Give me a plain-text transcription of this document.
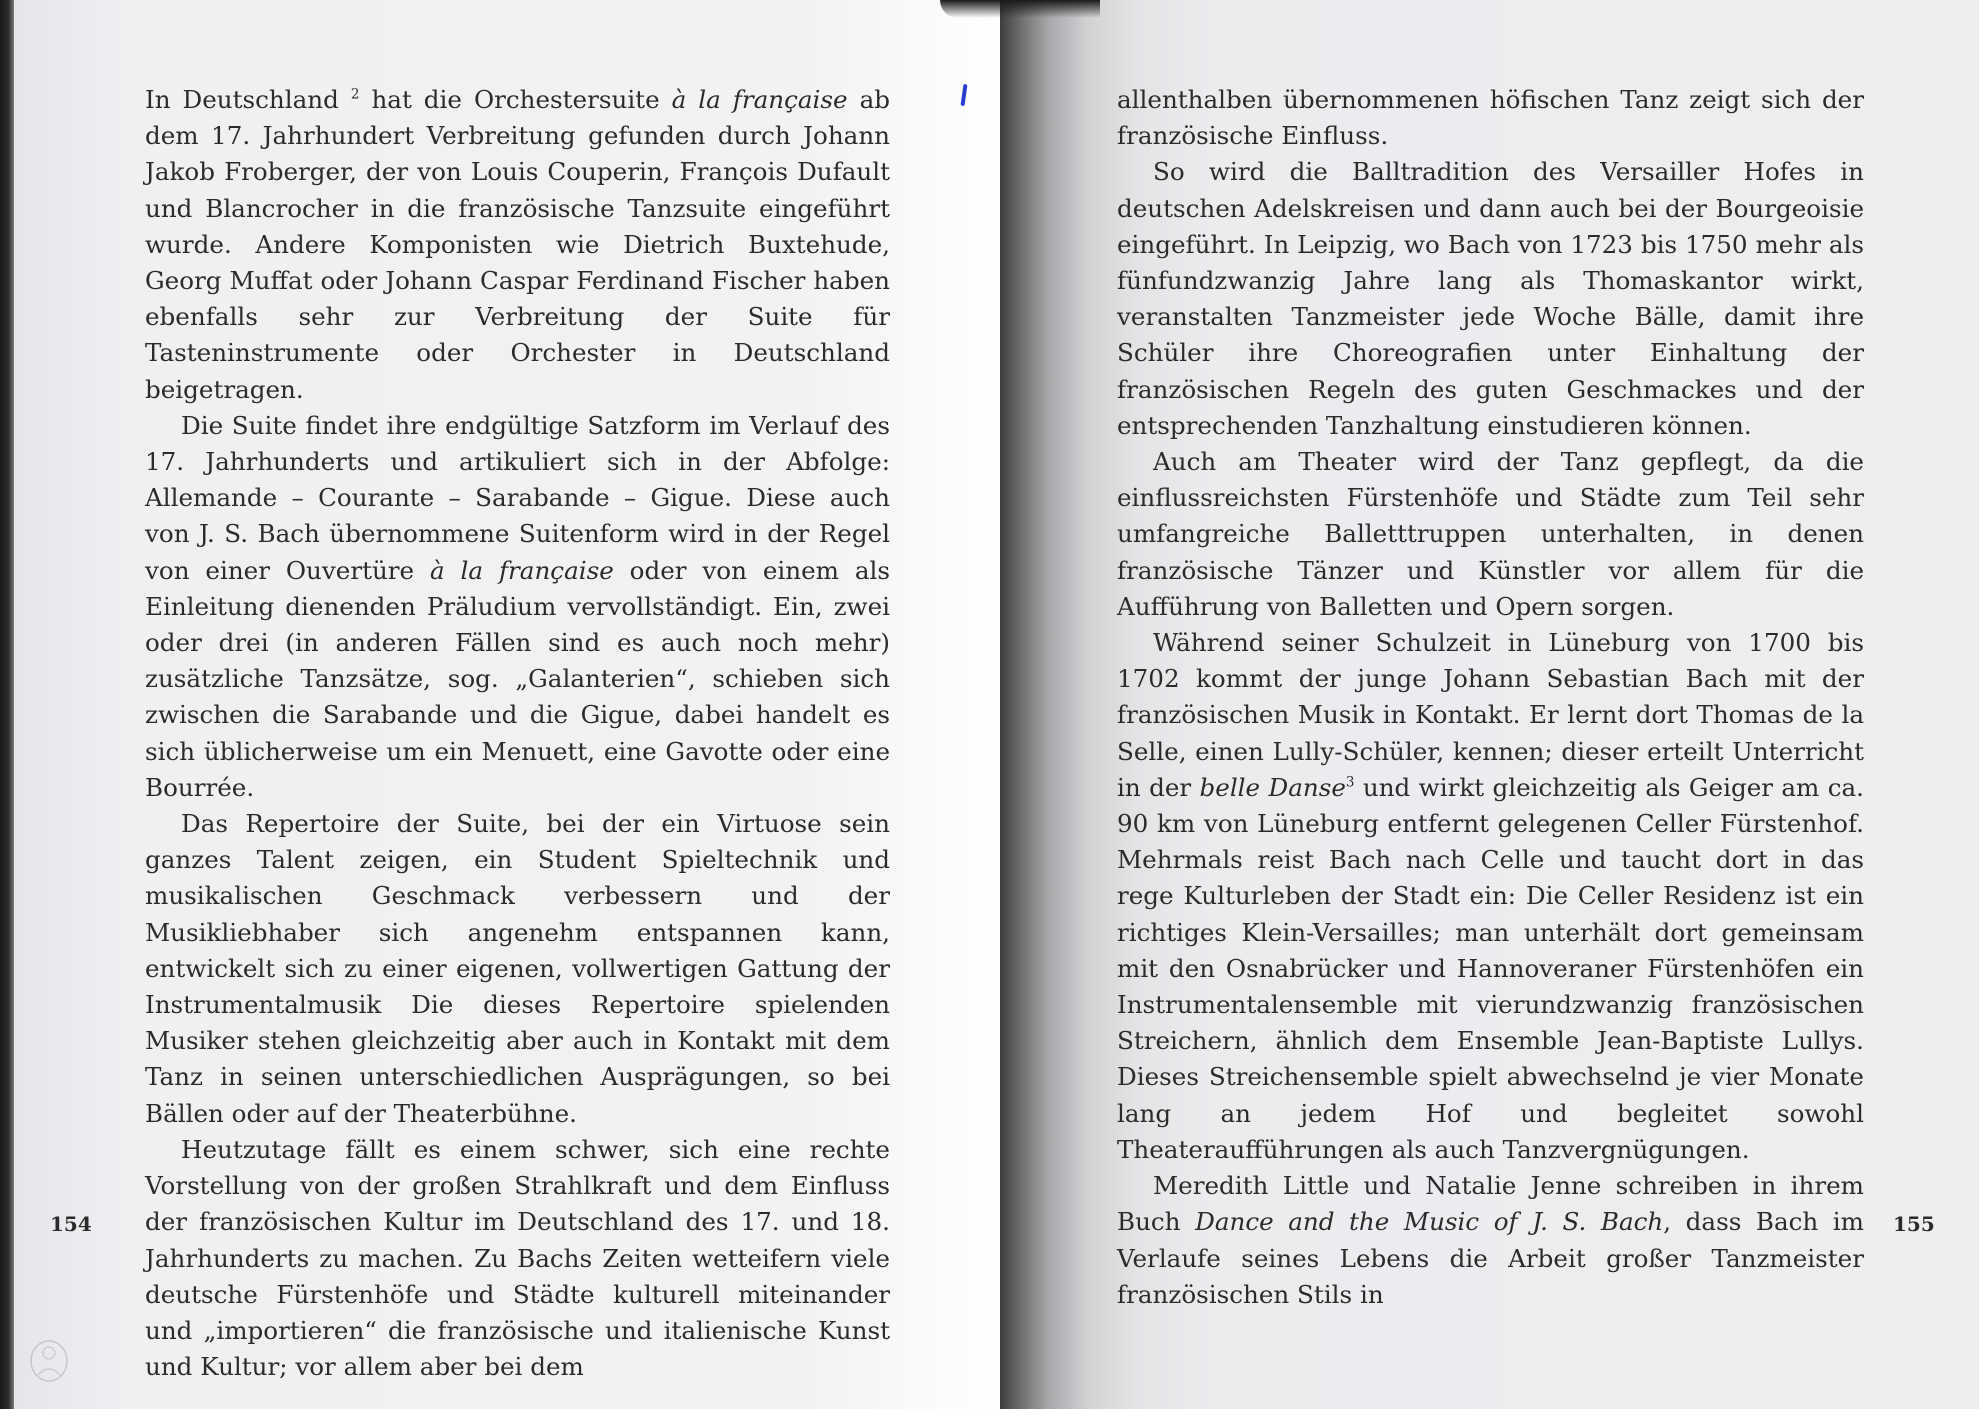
In Deutschland $^2$ hat die Orchestersuite à la française ab dem 17. Jahrhundert Verbreitung gefunden durch Johann Jakob Froberger, der von Louis Couperin, François Dufault und Blancrocher in die französische Tanzsuite eingeführt wurde. Andere Komponisten wie Dietrich Buxtehude, Georg Muffat oder Johann Caspar Ferdinand Fischer haben ebenfalls sehr zur Verbreitung der Suite für Tasteninstrumente oder Orchester in Deutschland beigetragen.

Die Suite findet ihre endgültige Satzform im Verlauf des 17. Jahrhunderts und artikuliert sich in der Abfolge: Allemande – Courante – Sarabande – Gigue. Diese auch von J. S. Bach übernommene Suitenform wird in der Regel von einer Ouvertüre à la française oder von einem als Einleitung dienenden Präludium vervollständigt. Ein, zwei oder drei (in anderen Fällen sind es auch noch mehr) zusätzliche Tanzsätze, sog. „Galanterien“, schieben sich zwischen die Sarabande und die Gigue, dabei handelt es sich üblicherweise um ein Menuett, eine Gavotte oder eine Bourrée.

Das Repertoire der Suite, bei der ein Virtuose sein ganzes Talent zeigen, ein Student Spieltechnik und musikalischen Geschmack verbessern und der Musikliebhaber sich angenehm entspannen kann, entwickelt sich zu einer eigenen, vollwertigen Gattung der Instrumentalmusik Die dieses Repertoire spielenden Musiker stehen gleichzeitig aber auch in Kontakt mit dem Tanz in seinen unterschiedlichen Ausprägungen, so bei Bällen oder auf der Theaterbühne.

Heutzutage fällt es einem schwer, sich eine rechte Vorstellung von der großen Strahlkraft und dem Einfluss der französischen Kultur im Deutschland des 17. und 18. Jahrhunderts zu machen. Zu Bachs Zeiten wetteifern viele deutsche Fürstenhöfe und Städte kulturell miteinander und „importieren“ die französische und italienische Kunst und Kultur; vor allem aber bei dem

allenthalben übernommenen höfischen Tanz zeigt sich der französische Einfluss.

So wird die Balltradition des Versailler Hofes in deutschen Adelskreisen und dann auch bei der Bourgeoisie eingeführt. In Leipzig, wo Bach von 1723 bis 1750 mehr als fünfundzwanzig Jahre lang als Thomaskantor wirkt, veranstalten Tanzmeister jede Woche Bälle, damit ihre Schüler ihre Choreografien unter Einhaltung der französischen Regeln des guten Geschmackes und der entsprechenden Tanzhaltung einstudieren können.

Auch am Theater wird der Tanz gepflegt, da die einflussreichsten Fürstenhöfe und Städte zum Teil sehr umfangreiche Balletttruppen unterhalten, in denen französische Tänzer und Künstler vor allem für die Aufführung von Balletten und Opern sorgen.

Während seiner Schulzeit in Lüneburg von 1700 bis 1702 kommt der junge Johann Sebastian Bach mit der französischen Musik in Kontakt. Er lernt dort Thomas de la Selle, einen Lully-Schüler, kennen; dieser erteilt Unterricht in der belle Danse$^3$ und wirkt gleichzeitig als Geiger am ca. 90 km von Lüneburg entfernt gelegenen Celler Fürstenhof. Mehrmals reist Bach nach Celle und taucht dort in das rege Kulturleben der Stadt ein: Die Celler Residenz ist ein richtiges Klein-Versailles; man unterhält dort gemeinsam mit den Osnabrücker und Hannoveraner Fürstenhöfen ein Instrumentalensemble mit vierundzwanzig französischen Streichern, ähnlich dem Ensemble Jean-Baptiste Lullys. Dieses Streichensemble spielt abwechselnd je vier Monate lang an jedem Hof und begleitet sowohl Theateraufführungen als auch Tanzvergnügungen.

Meredith Little und Natalie Jenne schreiben in ihrem Buch Dance and the Music of J. S. Bach, dass Bach im Verlaufe seines Lebens die Arbeit großer Tanzmeister französischen Stils in

154	155
